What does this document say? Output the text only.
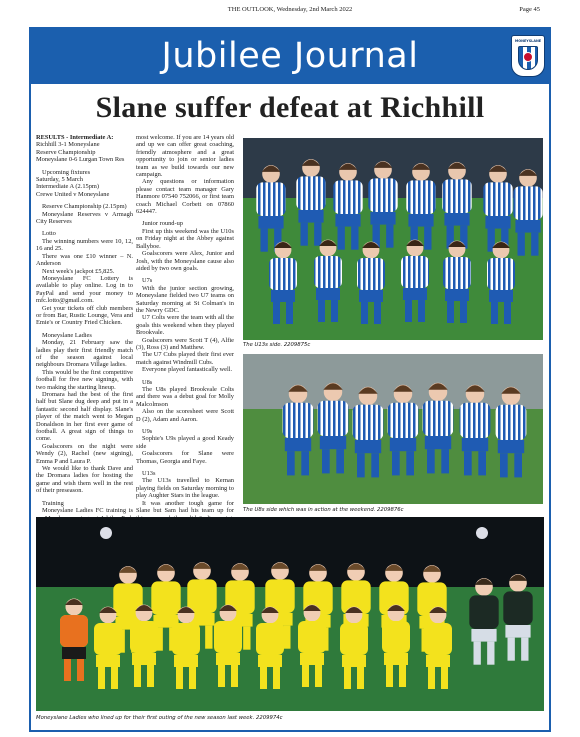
THE OUTLOOK, Wednesday, 2nd March 2022	Page 45
Jubilee Journal	MONEYSLANE
Slane suffer defeat at Richhill

RESULTS - Intermediate A:

Richhill 3-1 Moneyslane

Reserve Championship

Moneyslane 0-6 Lurgan Town Res

Upcoming fixtures

Saturday, 5 March

Intermediate A (2.15pm)

Crewe United v Moneyslane

Reserve Championship (2.15pm)

Moneyslane Reserves v Armagh City Reserves

Lotto

The winning numbers were 10, 12, 16 and 25.

There was one £10 winner – N. Anderson

Next week's jackpot £5,825.

Moneyslane FC Lottery is available to play online. Log in to PayPal and send your money to mfc.lotto@gmail.com.

Get your tickets off club members or from Bar, Rustic Lounge, Vera and Emie's or Country Fried Chicken.

Moneyslane Ladies

Monday, 21 February saw the ladies play their first friendly match of the season against local neighbours Dromara Village ladies.

This would be the first competitive football for five new signings, with two making the starting lineup.

Dromara had the best of the first half but Slane dug deep and put in a fantastic second half display. Slane's player of the match went to Megan Donaldson in her first ever game of football. A great sign of things to come.

Goalscorers on the night were Wendy (2), Rachel (new signing), Emma P and Laura P.

We would like to thank Dave and the Dromara ladies for hosting the game and wish them well in the rest of their preseason.

Training

Moneyslane Ladies FC training is

most welcome. If you are 14 years old and up we can offer great coaching, friendly atmosphere and a great opportunity to join or senior ladies team as we build towards our new campaign.

Any questions or information please contact team manager Gary Hanmore 07540 752066, or first team coach Michael Corbett on 07860 624447.

Junior round-up

First up this weekend was the U10s on Friday night at the Abbey against Ballyboe.

Goalscorers were Alex, Junior and Josh, with the Moneyslane cause also aided by two own goals.

U7s

With the junior section growing, Moneyslane fielded two U7 teams on Saturday morning at St Colman's in the Newry GDC.

U7 Colts were the team with all the goals this weekend when they played Brookvale.

Goalscorers were Scott T (4), Alfie (3), Ross (3) and Matthew.

The U7 Cubs played their first ever match against Windmill Cubs.

Everyone played fantastically well.

U8s

The U8s played Brookvale Colts and there was a debut goal for Molly Malcolmson

Also on the scoresheet were Scott D (2), Adam and Aaron.

U9s

Sophie's U9s played a good Keady side

Goalscorers for Slane were Thomas, Georgia and Faye.

U13s

The U13s travelled to Kernan playing fields on Saturday morning to play Aughter Stars in the league.

It was another tough game for Slane but Sam had his team up for

The U13s side. 2209875c
The U8s side which was in action at the weekend. 2209876c
Moneyslane Ladies who lined up for their first outing of the new season last week. 2209974c
